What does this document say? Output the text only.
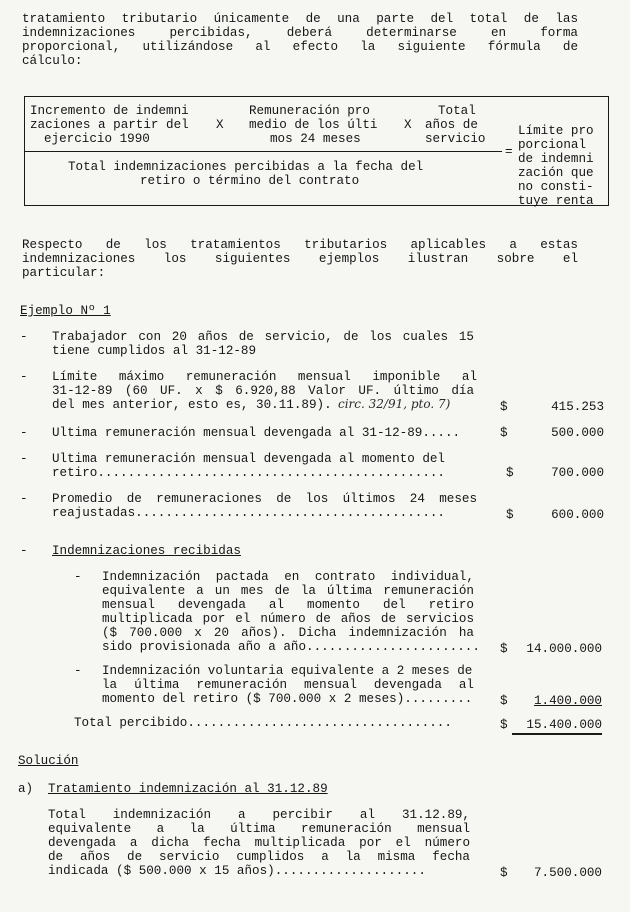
tratamiento tributario únicamente de una parte del total de las
indemnizaciones percibidas, deberá determinarse en forma
proporcional, utilizándose al efecto la siguiente fórmula de
cálculo:
Incremento de indemni
zaciones a partir del
ejercicio 1990
X
Remuneración pro
medio de los últi
mos 24 meses
X
Total
años de
servicio
Total indemnizaciones percibidas a la fecha del
retiro o término del contrato
=
Límite pro
porcional
de indemni
zación que
no consti-
tuye renta
Respecto de los tratamientos tributarios aplicables a estas
indemnizaciones los siguientes ejemplos ilustran sobre el
particular:
Ejemplo Nº 1
- Trabajador con 20 años de servicio, de los cuales 15
tiene cumplidos al 31-12-89
- Límite máximo remuneración mensual imponible al
31-12-89 (60 UF. x $ 6.920,88 Valor UF. último día
del mes anterior, esto es, 30.11.89). circ. 32/91, pto. 7)	$	415.253
- Ultima remuneración mensual devengada al 31-12-89.....	$	500.000
- Ultima remuneración mensual devengada al momento del
retiro..............................................	$	700.000
- Promedio de remuneraciones de los últimos 24 meses
reajustadas.........................................	$	600.000
- Indemnizaciones recibidas
- Indemnización pactada en contrato individual,
equivalente a un mes de la última remuneración
mensual devengada al momento del retiro
multiplicada por el número de años de servicios
($ 700.000 x 20 años). Dicha indemnización ha
sido provisionada año a año....................... $	14.000.000
- Indemnización voluntaria equivalente a 2 meses de
la última remuneración mensual devengada al
momento del retiro ($ 700.000 x 2 meses)......... $	1.400.000
Total percibido...................................	$	15.400.000
Solución
a) Tratamiento indemnización al 31.12.89
Total indemnización a percibir al 31.12.89,
equivalente a la última remuneración mensual
devengada a dicha fecha multiplicada por el número
de años de servicio cumplidos a la misma fecha
indicada ($ 500.000 x 15 años)....................	$	7.500.000
